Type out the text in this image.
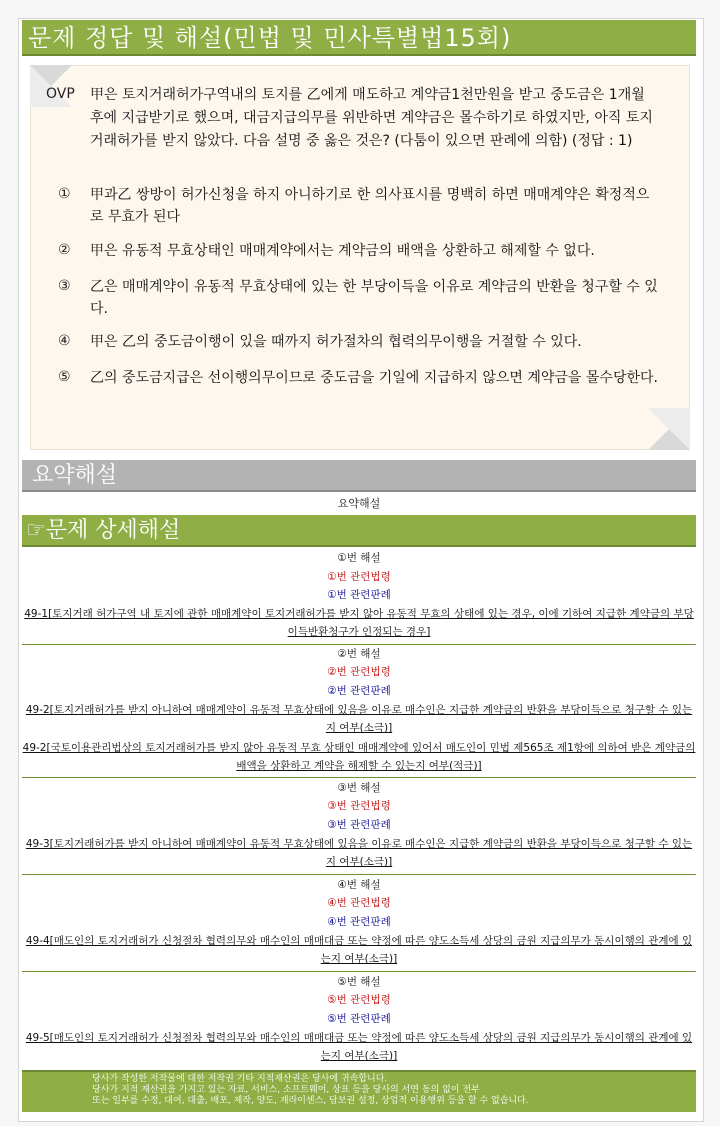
문제 정답 및 해설(민법 및 민사특별법15회)
OVP 甲은 토지거래허가구역내의 토지를 乙에게 매도하고 계약금1천만원을 받고 중도금은 1개월 후에 지급받기로 했으며, 대금지급의무를 위반하면 계약금은 몰수하기로 하였지만, 아직 토지거래허가를 받지 않았다. 다음 설명 중 옳은 것은? (다툼이 있으면 판례에 의함) (정답 : 1)
① 甲과乙 쌍방이 허가신청을 하지 아니하기로 한 의사표시를 명백히 하면 매매계약은 확정적으로 무효가 된다
② 甲은 유동적 무효상태인 매매계약에서는 계약금의 배액을 상환하고 해제할 수 없다.
③ 乙은 매매계약이 유동적 무효상태에 있는 한 부당이득을 이유로 계약금의 반환을 청구할 수 있다.
④ 甲은 乙의 중도금이행이 있을 때까지 허가절차의 협력의무이행을 거절할 수 있다.
⑤ 乙의 중도금지급은 선이행의무이므로 중도금을 기일에 지급하지 않으면 계약금을 몰수당한다.
요약해설
요약해설
☞문제 상세해설
①번 해설
①번 관련법령
①번 관련판례
49-1[토지거래 허가구역 내 토지에 관한 매매계약이 토지거래허가를 받지 않아 유동적 무효의 상태에 있는 경우, 이에 기하여 지급한 계약금의 부당이득반환청구가 인정되는 경우]
②번 해설
②번 관련법령
②번 관련판례
49-2[토지거래허가를 받지 아니하여 매매계약이 유동적 무효상태에 있음을 이유로 매수인은 지급한 계약금의 반환을 부당이득으로 청구할 수 있는지 여부(소극)]
49-2[국토이용관리법상의 토지거래허가를 받지 않아 유동적 무효 상태인 매매계약에 있어서 매도인이 민법 제565조 제1항에 의하여 받은 계약금의 배액을 상환하고 계약을 해제할 수 있는지 여부(적극)]
③번 해설
③번 관련법령
③번 관련판례
49-3[토지거래허가를 받지 아니하여 매매계약이 유동적 무효상태에 있음을 이유로 매수인은 지급한 계약금의 반환을 부당이득으로 청구할 수 있는지 여부(소극)]
④번 해설
④번 관련법령
④번 관련판례
49-4[매도인의 토지거래허가 신청절차 협력의무와 매수인의 매매대금 또는 약정에 따른 양도소득세 상당의 금원 지급의무가 동시이행의 관계에 있는지 여부(소극)]
⑤번 해설
⑤번 관련법령
⑤번 관련판례
49-5[매도인의 토지거래허가 신청절차 협력의무와 매수인의 매매대금 또는 약정에 따른 양도소득세 상당의 금원 지급의무가 동시이행의 관계에 있는지 여부(소극)]
당사가 작성한 저작물에 대한 저작권 기타 지적재산권은 당사에 귀속합니다.
당사가 지적 재산권을 가지고 있는 자료, 서비스, 소프트웨어, 상표 등을 당사의 서면 동의 없이 전부
또는 일부를 수정, 대여, 대출, 배포, 제작, 양도, 재라이센스, 담보권 설정, 상업적 이용행위 등을 할 수 없습니다.
